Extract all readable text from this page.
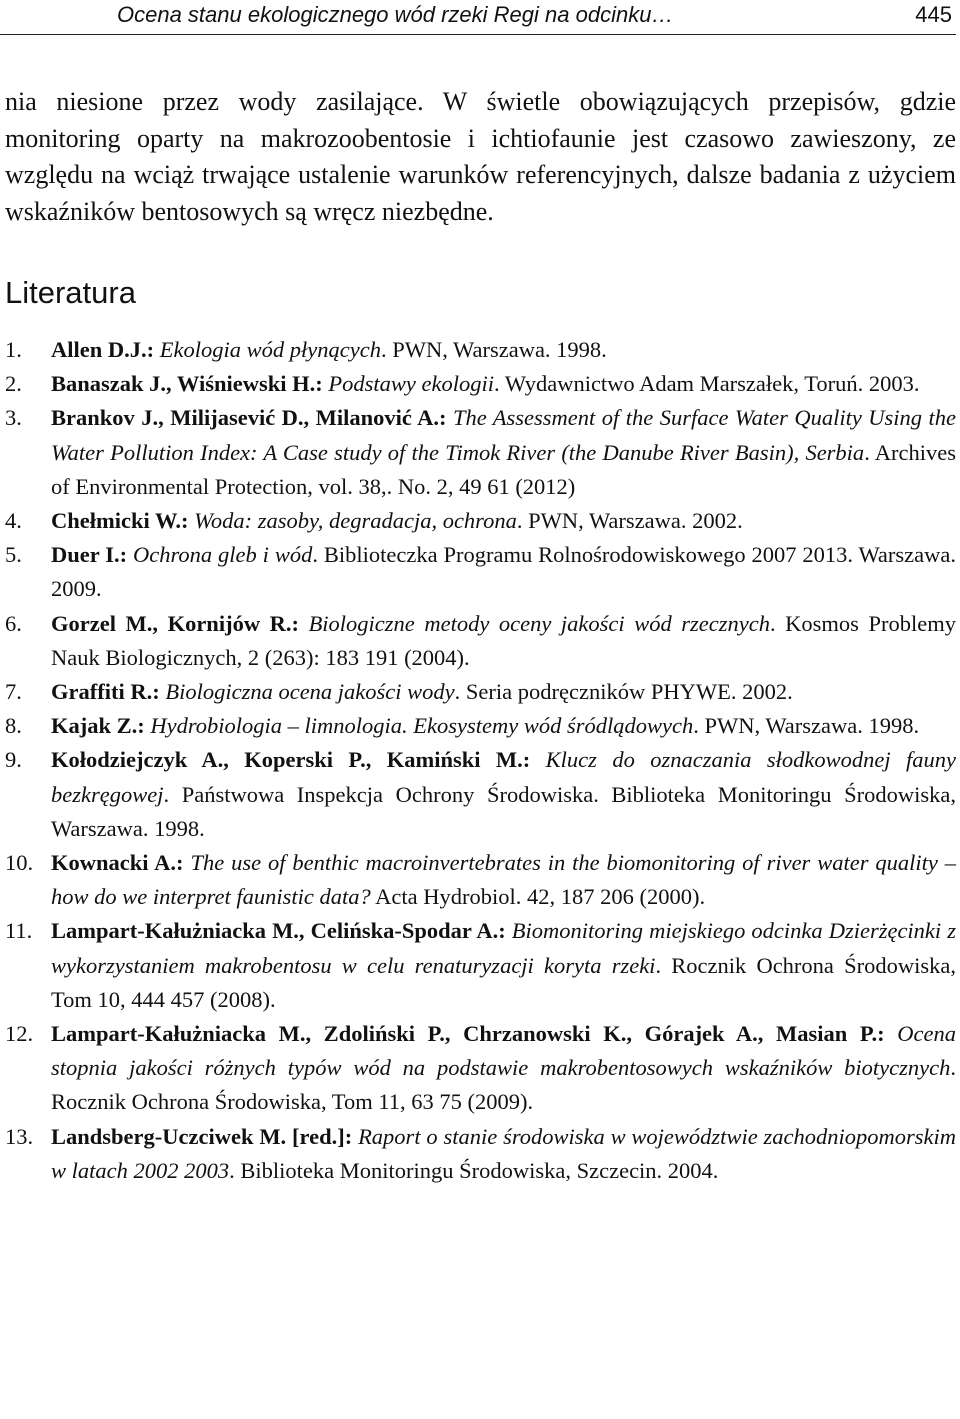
Ocena stanu ekologicznego wód rzeki Regi na odcinku…	445

nia niesione przez wody zasilające. W świetle obowiązujących przepisów, gdzie monitoring oparty na makrozoobentosie i ichtiofaunie jest czasowo zawieszony, ze względu na wciąż trwające ustalenie warunków referencyjnych, dalsze badania z użyciem wskaźników bentosowych są wręcz niezbędne.

Literatura
1. Allen D.J.: Ekologia wód płynących. PWN, Warszawa. 1998.
2. Banaszak J., Wiśniewski H.: Podstawy ekologii. Wydawnictwo Adam Marszałek, Toruń. 2003.
3. Brankov J., Milijasević D., Milanović A.: The Assessment of the Surface Water Quality Using the Water Pollution Index: A Case study of the Timok River (the Danube River Basin), Serbia. Archives of Environmental Protection, vol. 38,. No. 2, 49 61 (2012)
4. Chełmicki W.: Woda: zasoby, degradacja, ochrona. PWN, Warszawa. 2002.
5. Duer I.: Ochrona gleb i wód. Biblioteczka Programu Rolnośrodowiskowego 2007 2013. Warszawa. 2009.
6. Gorzel M., Kornijów R.: Biologiczne metody oceny jakości wód rzecznych. Kosmos Problemy Nauk Biologicznych, 2 (263): 183 191 (2004).
7. Graffiti R.: Biologiczna ocena jakości wody. Seria podręczników PHYWE. 2002.
8. Kajak Z.: Hydrobiologia – limnologia. Ekosystemy wód śródlądowych. PWN, Warszawa. 1998.
9. Kołodziejczyk A., Koperski P., Kamiński M.: Klucz do oznaczania słodkowodnej fauny bezkręgowej. Państwowa Inspekcja Ochrony Środowiska. Biblioteka Monitoringu Środowiska, Warszawa. 1998.
10. Kownacki A.: The use of benthic macroinvertebrates in the biomonitoring of river water quality – how do we interpret faunistic data? Acta Hydrobiol. 42, 187 206 (2000).
11. Lampart-Kałużniacka M., Celińska-Spodar A.: Biomonitoring miejskiego odcinka Dzierżęcinki z wykorzystaniem makrobentosu w celu renaturyzacji koryta rzeki. Rocznik Ochrona Środowiska, Tom 10, 444 457 (2008).
12. Lampart-Kałużniacka M., Zdoliński P., Chrzanowski K., Górajek A., Masian P.: Ocena stopnia jakości różnych typów wód na podstawie makrobentosowych wskaźników biotycznych. Rocznik Ochrona Środowiska, Tom 11, 63 75 (2009).
13. Landsberg-Uczciwek M. [red.]: Raport o stanie środowiska w województwie zachodniopomorskim w latach 2002 2003. Biblioteka Monitoringu Środowiska, Szczecin. 2004.
